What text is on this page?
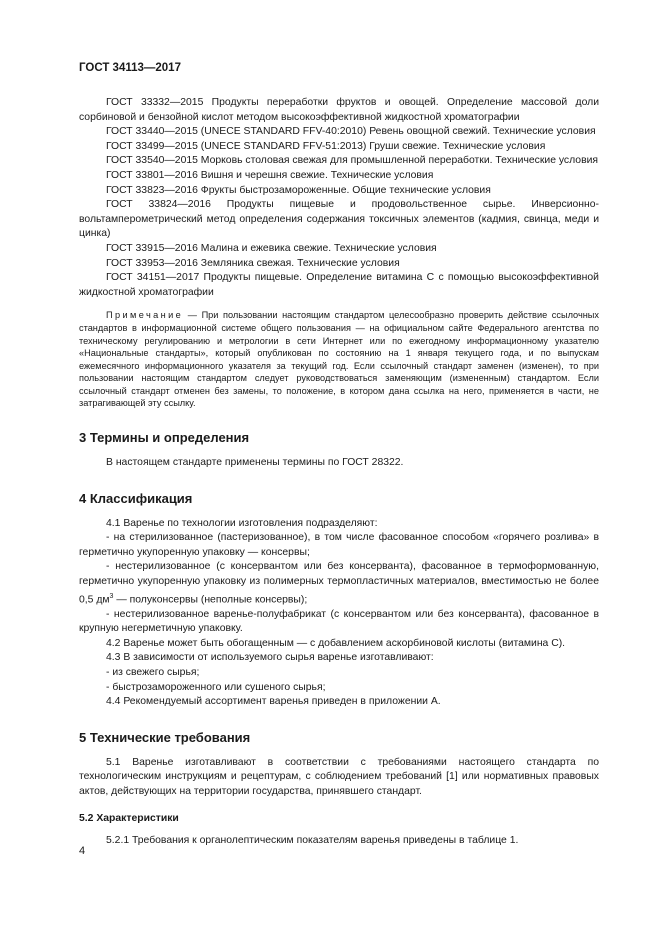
ГОСТ 34113—2017

ГОСТ 33332—2015 Продукты переработки фруктов и овощей. Определение массовой доли сорбиновой и бензойной кислот методом высокоэффективной жидкостной хроматографии

ГОСТ 33440—2015 (UNECE STANDARD FFV-40:2010) Ревень овощной свежий. Технические условия

ГОСТ 33499—2015 (UNECE STANDARD FFV-51:2013) Груши свежие. Технические условия

ГОСТ 33540—2015 Морковь столовая свежая для промышленной переработки. Технические условия

ГОСТ 33801—2016 Вишня и черешня свежие. Технические условия

ГОСТ 33823—2016 Фрукты быстрозамороженные. Общие технические условия

ГОСТ 33824—2016 Продукты пищевые и продовольственное сырье. Инверсионно-вольтамперометрический метод определения содержания токсичных элементов (кадмия, свинца, меди и цинка)

ГОСТ 33915—2016 Малина и ежевика свежие. Технические условия

ГОСТ 33953—2016 Земляника свежая. Технические условия

ГОСТ 34151—2017 Продукты пищевые. Определение витамина С с помощью высокоэффективной жидкостной хроматографии

Примечание — При пользовании настоящим стандартом целесообразно проверить действие ссылочных стандартов в информационной системе общего пользования — на официальном сайте Федерального агентства по техническому регулированию и метрологии в сети Интернет или по ежегодному информационному указателю «Национальные стандарты», который опубликован по состоянию на 1 января текущего года, и по выпускам ежемесячного информационного указателя за текущий год. Если ссылочный стандарт заменен (изменен), то при пользовании настоящим стандартом следует руководствоваться заменяющим (измененным) стандартом. Если ссылочный стандарт отменен без замены, то положение, в котором дана ссылка на него, применяется в части, не затрагивающей эту ссылку.

3 Термины и определения

В настоящем стандарте применены термины по ГОСТ 28322.

4 Классификация

4.1 Варенье по технологии изготовления подразделяют:

- на стерилизованное (пастеризованное), в том числе фасованное способом «горячего розлива» в герметично укупоренную упаковку — консервы;

- нестерилизованное (с консервантом или без консерванта), фасованное в термоформованную, герметично укупоренную упаковку из полимерных термопластичных материалов, вместимостью не более 0,5 $дм^3$ — полуконсервы (неполные консервы);

- нестерилизованное варенье-полуфабрикат (с консервантом или без консерванта), фасованное в крупную негерметичную упаковку.

4.2 Варенье может быть обогащенным — с добавлением аскорбиновой кислоты (витамина С).

4.3 В зависимости от используемого сырья варенье изготавливают:

- из свежего сырья;

- быстрозамороженного или сушеного сырья;

4.4 Рекомендуемый ассортимент варенья приведен в приложении А.

5 Технические требования

5.1 Варенье изготавливают в соответствии с требованиями настоящего стандарта по технологическим инструкциям и рецептурам, с соблюдением требований [1] или нормативных правовых актов, действующих на территории государства, принявшего стандарт.

5.2 Характеристики

5.2.1 Требования к органолептическим показателям варенья приведены в таблице 1.

4
